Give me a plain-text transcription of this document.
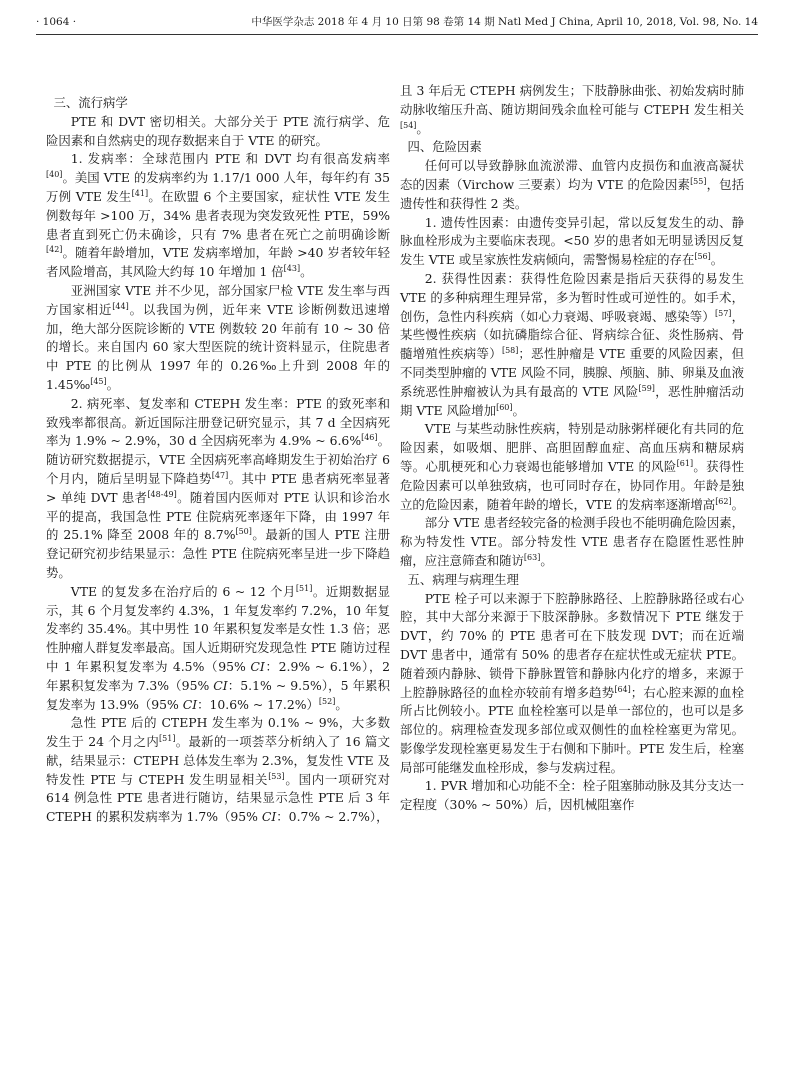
· 1064 ·	中华医学杂志 2018 年 4 月 10 日第 98 卷第 14 期 Natl Med J China, April 10, 2018, Vol. 98, No. 14

三、流行病学

PTE 和 DVT 密切相关。大部分关于 PTE 流行病学、危险因素和自然病史的现存数据来自于 VTE 的研究。

1. 发病率：全球范围内 PTE 和 DVT 均有很高发病率[40]。美国 VTE 的发病率约为 1.17/1 000 人年，每年约有 35 万例 VTE 发生[41]。在欧盟 6 个主要国家，症状性 VTE 发生例数每年 >100 万，34% 患者表现为突发致死性 PTE，59% 患者直到死亡仍未确诊，只有 7% 患者在死亡之前明确诊断[42]。随着年龄增加，VTE 发病率增加，年龄 >40 岁者较年轻者风险增高，其风险大约每 10 年增加 1 倍[43]。

亚洲国家 VTE 并不少见，部分国家尸检 VTE 发生率与西方国家相近[44]。以我国为例，近年来 VTE 诊断例数迅速增加，绝大部分医院诊断的 VTE 例数较 20 年前有 10 ~ 30 倍的增长。来自国内 60 家大型医院的统计资料显示，住院患者中 PTE 的比例从 1997 年的 0.26‰上升到 2008 年的 1.45‰[45]。

2. 病死率、复发率和 CTEPH 发生率：PTE 的致死率和致残率都很高。新近国际注册登记研究显示，其 7 d 全因病死率为 1.9% ~ 2.9%，30 d 全因病死率为 4.9% ~ 6.6%[46]。随访研究数据提示，VTE 全因病死率高峰期发生于初始治疗 6 个月内，随后呈明显下降趋势[47]。其中 PTE 患者病死率显著 > 单纯 DVT 患者[48-49]。随着国内医师对 PTE 认识和诊治水平的提高，我国急性 PTE 住院病死率逐年下降，由 1997 年的 25.1% 降至 2008 年的 8.7%[50]。最新的国人 PTE 注册登记研究初步结果显示：急性 PTE 住院病死率呈进一步下降趋势。

VTE 的复发多在治疗后的 6 ~ 12 个月[51]。近期数据显示，其 6 个月复发率约 4.3%，1 年复发率约 7.2%，10 年复发率约 35.4%。其中男性 10 年累积复发率是女性 1.3 倍；恶性肿瘤人群复发率最高。国人近期研究发现急性 PTE 随访过程中 1 年累积复发率为 4.5%（95% CI：2.9% ~ 6.1%），2 年累积复发率为 7.3%（95% CI：5.1% ~ 9.5%），5 年累积复发率为 13.9%（95% CI：10.6% ~ 17.2%）[52]。

急性 PTE 后的 CTEPH 发生率为 0.1% ~ 9%，大多数发生于 24 个月之内[51]。最新的一项荟萃分析纳入了 16 篇文献，结果显示：CTEPH 总体发生率为 2.3%，复发性 VTE 及特发性 PTE 与 CTEPH 发生明显相关[53]。国内一项研究对 614 例急性 PTE 患者进行随访，结果显示急性 PTE 后 3 年 CTEPH 的累积发病率为 1.7%（95% CI：0.7% ~ 2.7%），

且 3 年后无 CTEPH 病例发生；下肢静脉曲张、初始发病时肺动脉收缩压升高、随访期间残余血栓可能与 CTEPH 发生相关[54]。

四、危险因素

任何可以导致静脉血流淤滞、血管内皮损伤和血液高凝状态的因素（Virchow 三要素）均为 VTE 的危险因素[55]，包括遗传性和获得性 2 类。

1. 遗传性因素：由遗传变异引起，常以反复发生的动、静脉血栓形成为主要临床表现。<50 岁的患者如无明显诱因反复发生 VTE 或呈家族性发病倾向，需警惕易栓症的存在[56]。

2. 获得性因素：获得性危险因素是指后天获得的易发生 VTE 的多种病理生理异常，多为暂时性或可逆性的。如手术，创伤，急性内科疾病（如心力衰竭、呼吸衰竭、感染等）[57]，某些慢性疾病（如抗磷脂综合征、肾病综合征、炎性肠病、骨髓增殖性疾病等）[58]；恶性肿瘤是 VTE 重要的风险因素，但不同类型肿瘤的 VTE 风险不同，胰腺、颅脑、肺、卵巢及血液系统恶性肿瘤被认为具有最高的 VTE 风险[59]，恶性肿瘤活动期 VTE 风险增加[60]。

VTE 与某些动脉性疾病，特别是动脉粥样硬化有共同的危险因素，如吸烟、肥胖、高胆固醇血症、高血压病和糖尿病等。心肌梗死和心力衰竭也能够增加 VTE 的风险[61]。获得性危险因素可以单独致病，也可同时存在，协同作用。年龄是独立的危险因素，随着年龄的增长，VTE 的发病率逐渐增高[62]。

部分 VTE 患者经较完备的检测手段也不能明确危险因素，称为特发性 VTE。部分特发性 VTE 患者存在隐匿性恶性肿瘤，应注意筛查和随访[63]。

五、病理与病理生理

PTE 栓子可以来源于下腔静脉路径、上腔静脉路径或右心腔，其中大部分来源于下肢深静脉。多数情况下 PTE 继发于 DVT，约 70% 的 PTE 患者可在下肢发现 DVT；而在近端 DVT 患者中，通常有 50% 的患者存在症状性或无症状 PTE。随着颈内静脉、锁骨下静脉置管和静脉内化疗的增多，来源于上腔静脉路径的血栓亦较前有增多趋势[64]；右心腔来源的血栓所占比例较小。PTE 血栓栓塞可以是单一部位的，也可以是多部位的。病理检查发现多部位或双侧性的血栓栓塞更为常见。影像学发现栓塞更易发生于右侧和下肺叶。PTE 发生后，栓塞局部可能继发血栓形成，参与发病过程。

1. PVR 增加和心功能不全：栓子阻塞肺动脉及其分支达一定程度（30% ~ 50%）后，因机械阻塞作
